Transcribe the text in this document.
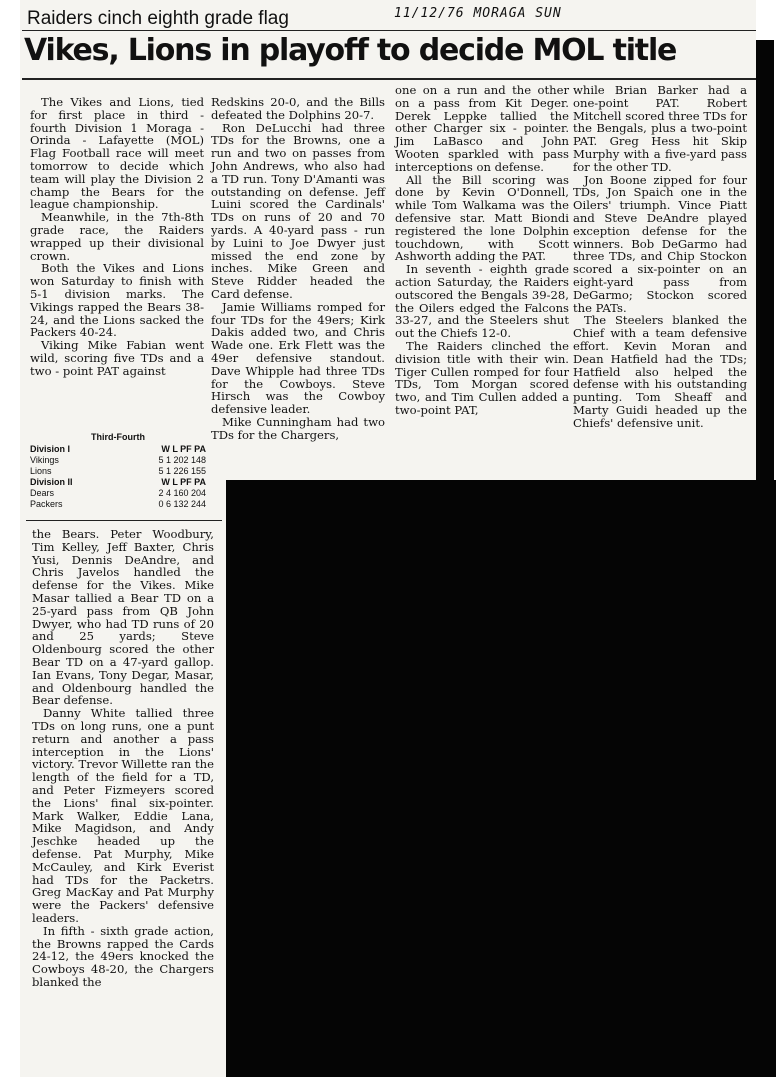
Raiders cinch eighth grade flag	11/12/76 MORAGA SUN
Vikes, Lions in playoff to decide MOL title

The Vikes and Lions, tied for first place in third - fourth Division 1 Moraga - Orinda - Lafayette (MOL) Flag Football race will meet tomorrow to decide which team will play the Division 2 champ the Bears for the league championship.

Meanwhile, in the 7th-8th grade race, the Raiders wrapped up their divisional crown.

Both the Vikes and Lions won Saturday to finish with 5-1 division marks. The Vikings rapped the Bears 38-24, and the Lions sacked the Packers 40-24.

Viking Mike Fabian went wild, scoring five TDs and a two - point PAT against

Third-Fourth
Division I	W L PF PA
Vikings	5 1 202 148
Lions	5 1 226 155
Division II	W L PF PA
Dears	2 4 160 204
Packers	0 6 132 244

the Bears. Peter Woodbury, Tim Kelley, Jeff Baxter, Chris Yusi, Dennis DeAndre, and Chris Javelos handled the defense for the Vikes. Mike Masar tallied a Bear TD on a 25-yard pass from QB John Dwyer, who had TD runs of 20 and 25 yards; Steve Oldenbourg scored the other Bear TD on a 47-yard gallop. Ian Evans, Tony Degar, Masar, and Oldenbourg handled the Bear defense.

Danny White tallied three TDs on long runs, one a punt return and another a pass interception in the Lions' victory. Trevor Willette ran the length of the field for a TD, and Peter Fizmeyers scored the Lions' final six-pointer. Mark Walker, Eddie Lana, Mike Magidson, and Andy Jeschke headed up the defense. Pat Murphy, Mike McCauley, and Kirk Everist had TDs for the Packetrs. Greg MacKay and Pat Murphy were the Packers' defensive leaders.

In fifth - sixth grade action, the Browns rapped the Cards 24-12, the 49ers knocked the Cowboys 48-20, the Chargers blanked the

Redskins 20-0, and the Bills defeated the Dolphins 20-7.

Ron DeLucchi had three TDs for the Browns, one a run and two on passes from John Andrews, who also had a TD run. Tony D'Amanti was outstanding on defense. Jeff Luini scored the Cardinals' TDs on runs of 20 and 70 yards. A 40-yard pass - run by Luini to Joe Dwyer just missed the end zone by inches. Mike Green and Steve Ridder headed the Card defense.

Jamie Williams romped for four TDs for the 49ers; Kirk Dakis added two, and Chris Wade one. Erk Flett was the 49er defensive standout. Dave Whipple had three TDs for the Cowboys. Steve Hirsch was the Cowboy defensive leader.

Mike Cunningham had two TDs for the Chargers,

one on a run and the other on a pass from Kit Deger. Derek Leppke tallied the other Charger six - pointer. Jim LaBasco and John Wooten sparkled with pass interceptions on defense.

All the Bill scoring was done by Kevin O'Donnell, while Tom Walkama was the defensive star. Matt Biondi registered the lone Dolphin touchdown, with Scott Ashworth adding the PAT.

In seventh - eighth grade action Saturday, the Raiders outscored the Bengals 39-28, the Oilers edged the Falcons 33-27, and the Steelers shut out the Chiefs 12-0.

The Raiders clinched the division title with their win. Tiger Cullen romped for four TDs, Tom Morgan scored two, and Tim Cullen added a two-point PAT,

while Brian Barker had a one-point PAT. Robert Mitchell scored three TDs for the Bengals, plus a two-point PAT. Greg Hess hit Skip Murphy with a five-yard pass for the other TD.

Jon Boone zipped for four TDs, Jon Spaich one in the Oilers' triumph. Vince Piatt and Steve DeAndre played exception defense for the winners. Bob DeGarmo had three TDs, and Chip Stockon scored a six-pointer on an eight-yard pass from DeGarmo; Stockon scored the PATs.

The Steelers blanked the Chief with a team defensive effort. Kevin Moran and Dean Hatfield had the TDs; Hatfield also helped the defense with his outstanding punting. Tom Sheaff and Marty Guidi headed up the Chiefs' defensive unit.
